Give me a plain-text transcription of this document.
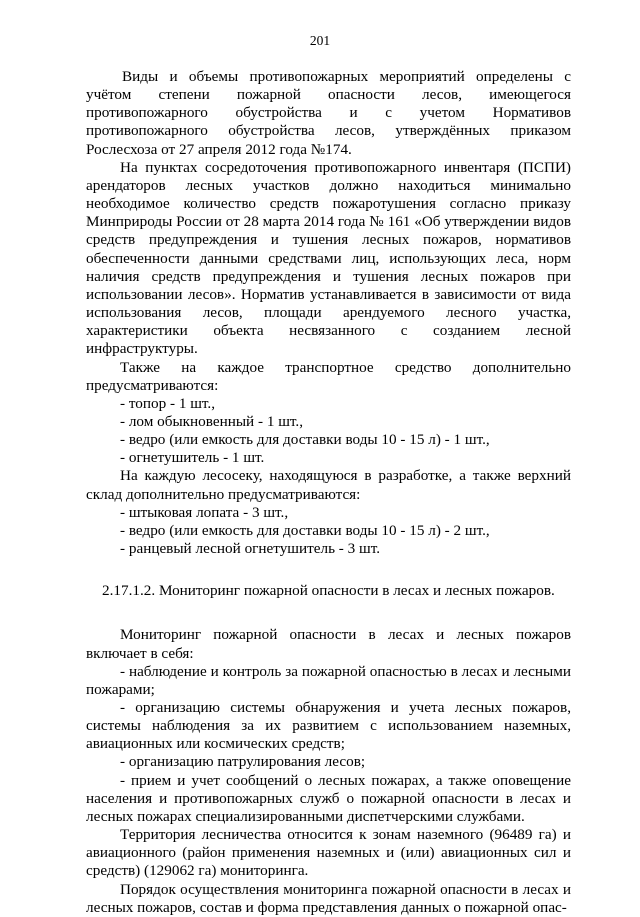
201

Виды и объемы противопожарных мероприятий определены с учётом степени пожарной опасности лесов, имеющегося противопожарного обустройства и с учетом Нормативов противопожарного обустройства лесов, утверждённых приказом Рослесхоза от 27 апреля 2012 года №174.

На пунктах сосредоточения противопожарного инвентаря (ПСПИ) арендаторов лесных участков должно находиться минимально необходимое количество средств пожаротушения согласно приказу Минприроды России от 28 марта 2014 года № 161 «Об утверждении видов средств предупреждения и тушения лесных пожаров, нормативов обеспеченности данными средствами лиц, использующих леса, норм наличия средств предупреждения и тушения лесных пожаров при использовании лесов». Норматив устанавливается в зависимости от вида использования лесов, площади арендуемого лесного участка, характеристики объекта несвязанного с созданием лесной инфраструктуры.

Также на каждое транспортное средство дополнительно предусматриваются:

- топор - 1 шт.,

- лом обыкновенный - 1 шт.,

- ведро (или емкость для доставки воды 10 - 15 л) - 1 шт.,

- огнетушитель - 1 шт.

На каждую лесосеку, находящуюся в разработке, а также верхний склад дополнительно предусматриваются:

- штыковая лопата - 3 шт.,

- ведро (или емкость для доставки воды 10 - 15 л) - 2 шт.,

- ранцевый лесной огнетушитель - 3 шт.

2.17.1.2. Мониторинг пожарной опасности в лесах и лесных пожаров.

Мониторинг пожарной опасности в лесах и лесных пожаров включает в себя:

- наблюдение и контроль за пожарной опасностью в лесах и лесными пожарами;

- организацию системы обнаружения и учета лесных пожаров, системы наблюдения за их развитием с использованием наземных, авиационных или космических средств;

- организацию патрулирования лесов;

- прием и учет сообщений о лесных пожарах, а также оповещение населения и противопожарных служб о пожарной опасности в лесах и лесных пожарах специализированными диспетчерскими службами.

Территория лесничества относится к зонам наземного (96489 га) и авиационного (район применения наземных и (или) авиационных сил и средств) (129062 га) мониторинга.

Порядок осуществления мониторинга пожарной опасности в лесах и лесных пожаров, состав и форма представления данных о пожарной опас-
